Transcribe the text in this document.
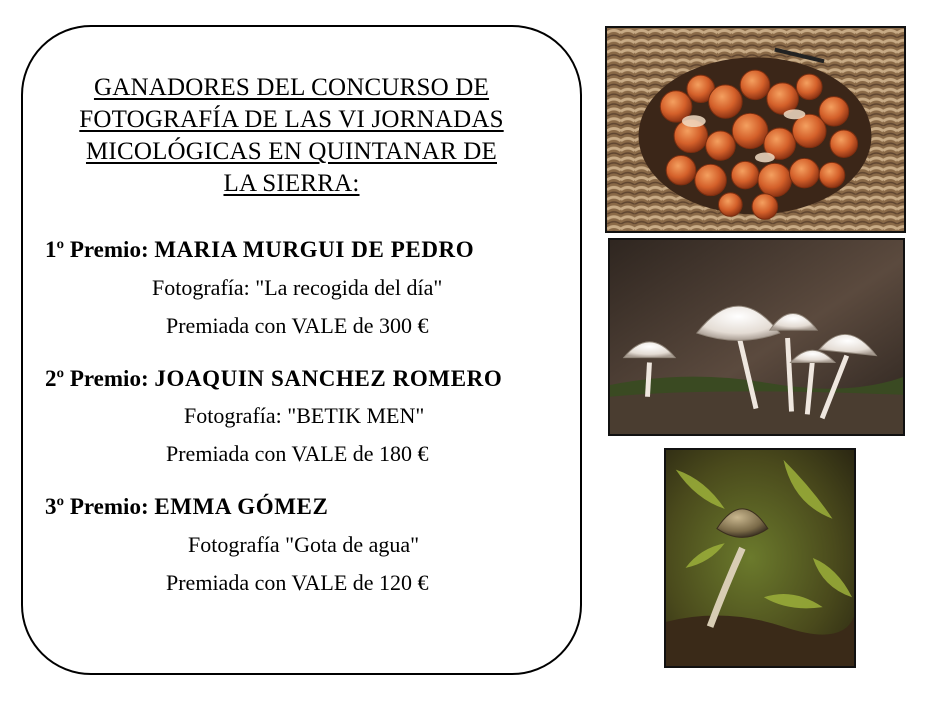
GANADORES DEL CONCURSO DE
FOTOGRAFÍA DE LAS VI JORNADAS
MICOLÓGICAS EN QUINTANAR DE
LA SIERRA:
1º Premio: MARIA MURGUI DE PEDRO
Fotografía: "La recogida del día"
Premiada con VALE de 300 €
2º Premio: JOAQUIN SANCHEZ ROMERO
Fotografía: "BETIK MEN"
Premiada con VALE de 180 €
3º Premio: EMMA GÓMEZ
Fotografía "Gota de agua"
Premiada con VALE de 120 €
